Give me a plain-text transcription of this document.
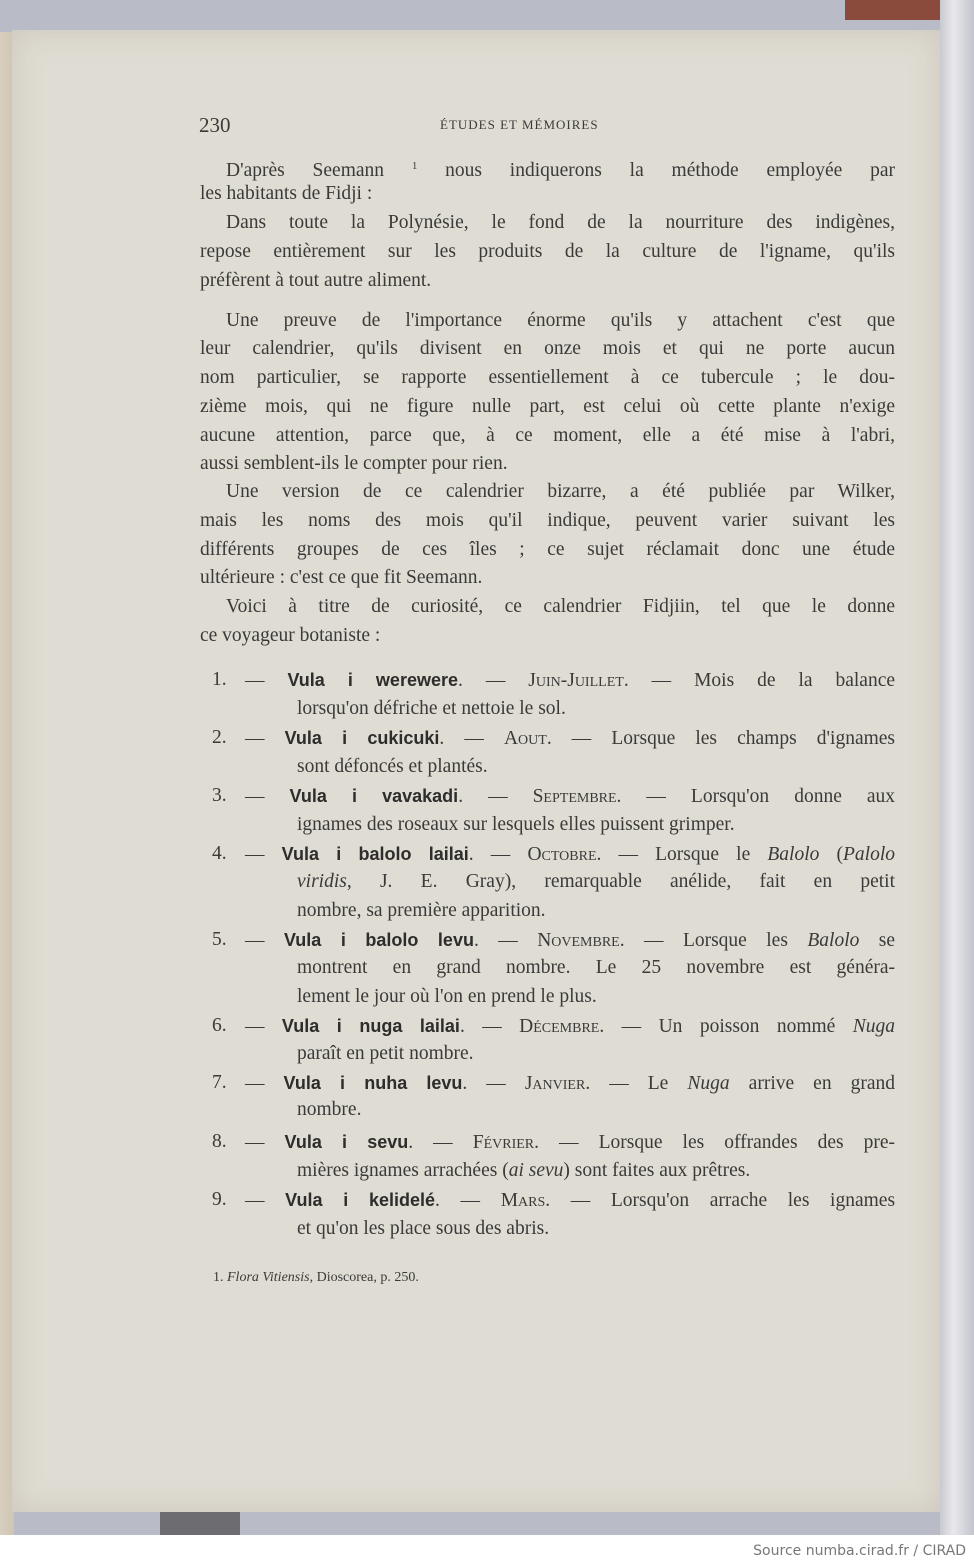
230	ÉTUDES ET MÉMOIRES
D'après Seemann $^1$ nous indiquerons la méthode employée par
les habitants de Fidji :
Dans toute la Polynésie, le fond de la nourriture des indigènes,
repose entièrement sur les produits de la culture de l'igname, qu'ils
préfèrent à tout autre aliment.
Une preuve de l'importance énorme qu'ils y attachent c'est que
leur calendrier, qu'ils divisent en onze mois et qui ne porte aucun
nom particulier, se rapporte essentiellement à ce tubercule ; le dou-
zième mois, qui ne figure nulle part, est celui où cette plante n'exige
aucune attention, parce que, à ce moment, elle a été mise à l'abri,
aussi semblent-ils le compter pour rien.
Une version de ce calendrier bizarre, a été publiée par Wilker,
mais les noms des mois qu'il indique, peuvent varier suivant les
différents groupes de ces îles ; ce sujet réclamait donc une étude
ultérieure : c'est ce que fit Seemann.
Voici à titre de curiosité, ce calendrier Fidjiin, tel que le donne
ce voyageur botaniste :
1. — Vula i werewere. — Juin-Juillet. — Mois de la balance
lorsqu'on défriche et nettoie le sol.
2. — Vula i cukicuki. — Aout. — Lorsque les champs d'ignames
sont défoncés et plantés.
3. — Vula i vavakadi. — Septembre. — Lorsqu'on donne aux
ignames des roseaux sur lesquels elles puissent grimper.
4. — Vula i balolo lailai. — Octobre. — Lorsque le Balolo (Palolo
viridis, J. E. Gray), remarquable anélide, fait en petit
nombre, sa première apparition.
5. — Vula i balolo levu. — Novembre. — Lorsque les Balolo se
montrent en grand nombre. Le 25 novembre est généra-
lement le jour où l'on en prend le plus.
6. — Vula i nuga lailai. — Décembre. — Un poisson nommé Nuga
paraît en petit nombre.
7. — Vula i nuha levu. — Janvier. — Le Nuga arrive en grand
nombre.
8. — Vula i sevu. — Février. — Lorsque les offrandes des pre-
mières ignames arrachées (ai sevu) sont faites aux prêtres.
9. — Vula i kelidelé. — Mars. — Lorsqu'on arrache les ignames
et qu'on les place sous des abris.
1. Flora Vitiensis, Dioscorea, p. 250.
Source numba.cirad.fr / CIRAD
